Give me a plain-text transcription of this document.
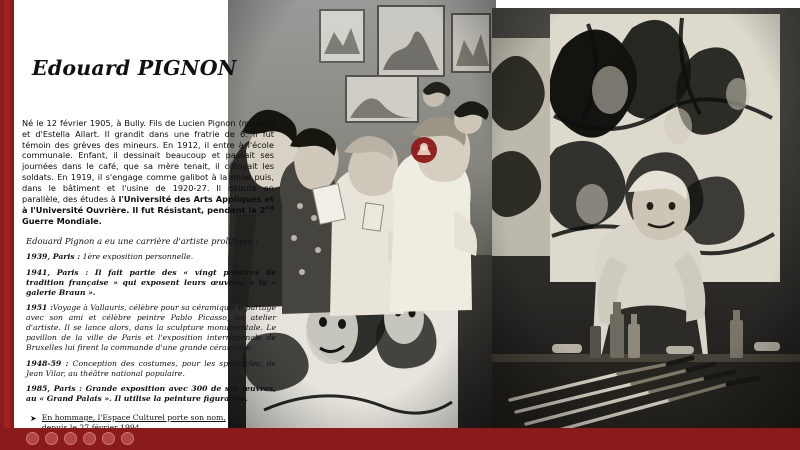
Edouard PIGNON
Né le 12 février 1905, à Bully. Fils de Lucien Pignon (mineur) et d'Estella Allart. Il grandit dans une fratrie de 6. Il fut témoin des grèves des mineurs. En 1912, il entre à l'école communale. Enfant, il dessinait beaucoup et passait ses journées dans le café, que sa mère tenait, il côtoyait les soldats. En 1919, il s'engage comme galibot à la mine puis, dans le bâtiment et l'usine de 1920-27. Il débute en parallèle, des études à l'Université des Arts Appliqués et à l'Université Ouvrière. Il fut Résistant, pendant la 2nd Guerre Mondiale.
Edouard Pignon a eu une carrière d'artiste prolifique :
1939, Paris : 1ère exposition personnelle.
1941, Paris : Il fait partie des « vingt peintres de tradition française » qui exposent leurs œuvres, à la « galerie Braun ».
1951 :Voyage à Vallauris, célèbre pour sa céramique, il partage avec son ami et célèbre peintre Pablo Picasso, un atelier d'artiste. Il se lance alors, dans la sculpture monumentale. Le pavillon de la ville de Paris et l'exposition internationale de Bruxelles lui firent la commande d'une grande céramique.
1948-59 : Conception des costumes, pour les spectacles, de Jean Vilar, au théâtre national populaire.
1985, Paris : Grande exposition avec 300 de ses œuvres, au « Grand Palais ». Il utilise la peinture figurative.
➤ En hommage, l'Espace Culturel porte son nom,
